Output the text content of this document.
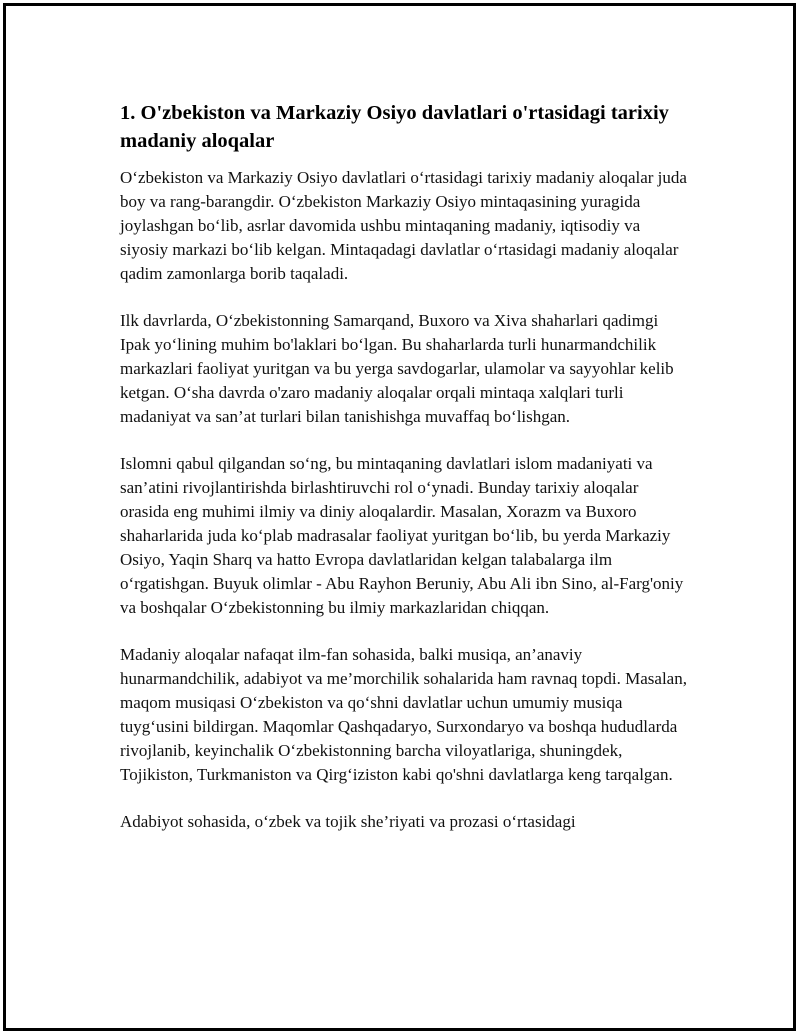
1. O'zbekiston va Markaziy Osiyo davlatlari o'rtasidagi tarixiy madaniy aloqalar

O‘zbekiston va Markaziy Osiyo davlatlari o‘rtasidagi tarixiy madaniy aloqalar juda boy va rang-barangdir. O‘zbekiston Markaziy Osiyo mintaqasining yuragida joylashgan bo‘lib, asrlar davomida ushbu mintaqaning madaniy, iqtisodiy va siyosiy markazi bo‘lib kelgan. Mintaqadagi davlatlar o‘rtasidagi madaniy aloqalar qadim zamonlarga borib taqaladi.

Ilk davrlarda, O‘zbekistonning Samarqand, Buxoro va Xiva shaharlari qadimgi Ipak yo‘lining muhim bo'laklari bo‘lgan. Bu shaharlarda turli hunarmandchilik markazlari faoliyat yuritgan va bu yerga savdogarlar, ulamolar va sayyohlar kelib ketgan. O‘sha davrda o'zaro madaniy aloqalar orqali mintaqa xalqlari turli madaniyat va san’at turlari bilan tanishishga muvaffaq bo‘lishgan.

Islomni qabul qilgandan so‘ng, bu mintaqaning davlatlari islom madaniyati va san’atini rivojlantirishda birlashtiruvchi rol o‘ynadi. Bunday tarixiy aloqalar orasida eng muhimi ilmiy va diniy aloqalardir. Masalan, Xorazm va Buxoro shaharlarida juda ko‘plab madrasalar faoliyat yuritgan bo‘lib, bu yerda Markaziy Osiyo, Yaqin Sharq va hatto Evropa davlatlaridan kelgan talabalarga ilm o‘rgatishgan. Buyuk olimlar - Abu Rayhon Beruniy, Abu Ali ibn Sino, al-Farg'oniy va boshqalar O‘zbekistonning bu ilmiy markazlaridan chiqqan.

Madaniy aloqalar nafaqat ilm-fan sohasida, balki musiqa, an’anaviy hunarmandchilik, adabiyot va me’morchilik sohalarida ham ravnaq topdi. Masalan, maqom musiqasi O‘zbekiston va qo‘shni davlatlar uchun umumiy musiqa tuyg‘usini bildirgan. Maqomlar Qashqadaryo, Surxondaryo va boshqa hududlarda rivojlanib, keyinchalik O‘zbekistonning barcha viloyatlariga, shuningdek, Tojikiston, Turkmaniston va Qirg‘iziston kabi qo'shni davlatlarga keng tarqalgan.

Adabiyot sohasida, o‘zbek va tojik she’riyati va prozasi o‘rtasidagi
